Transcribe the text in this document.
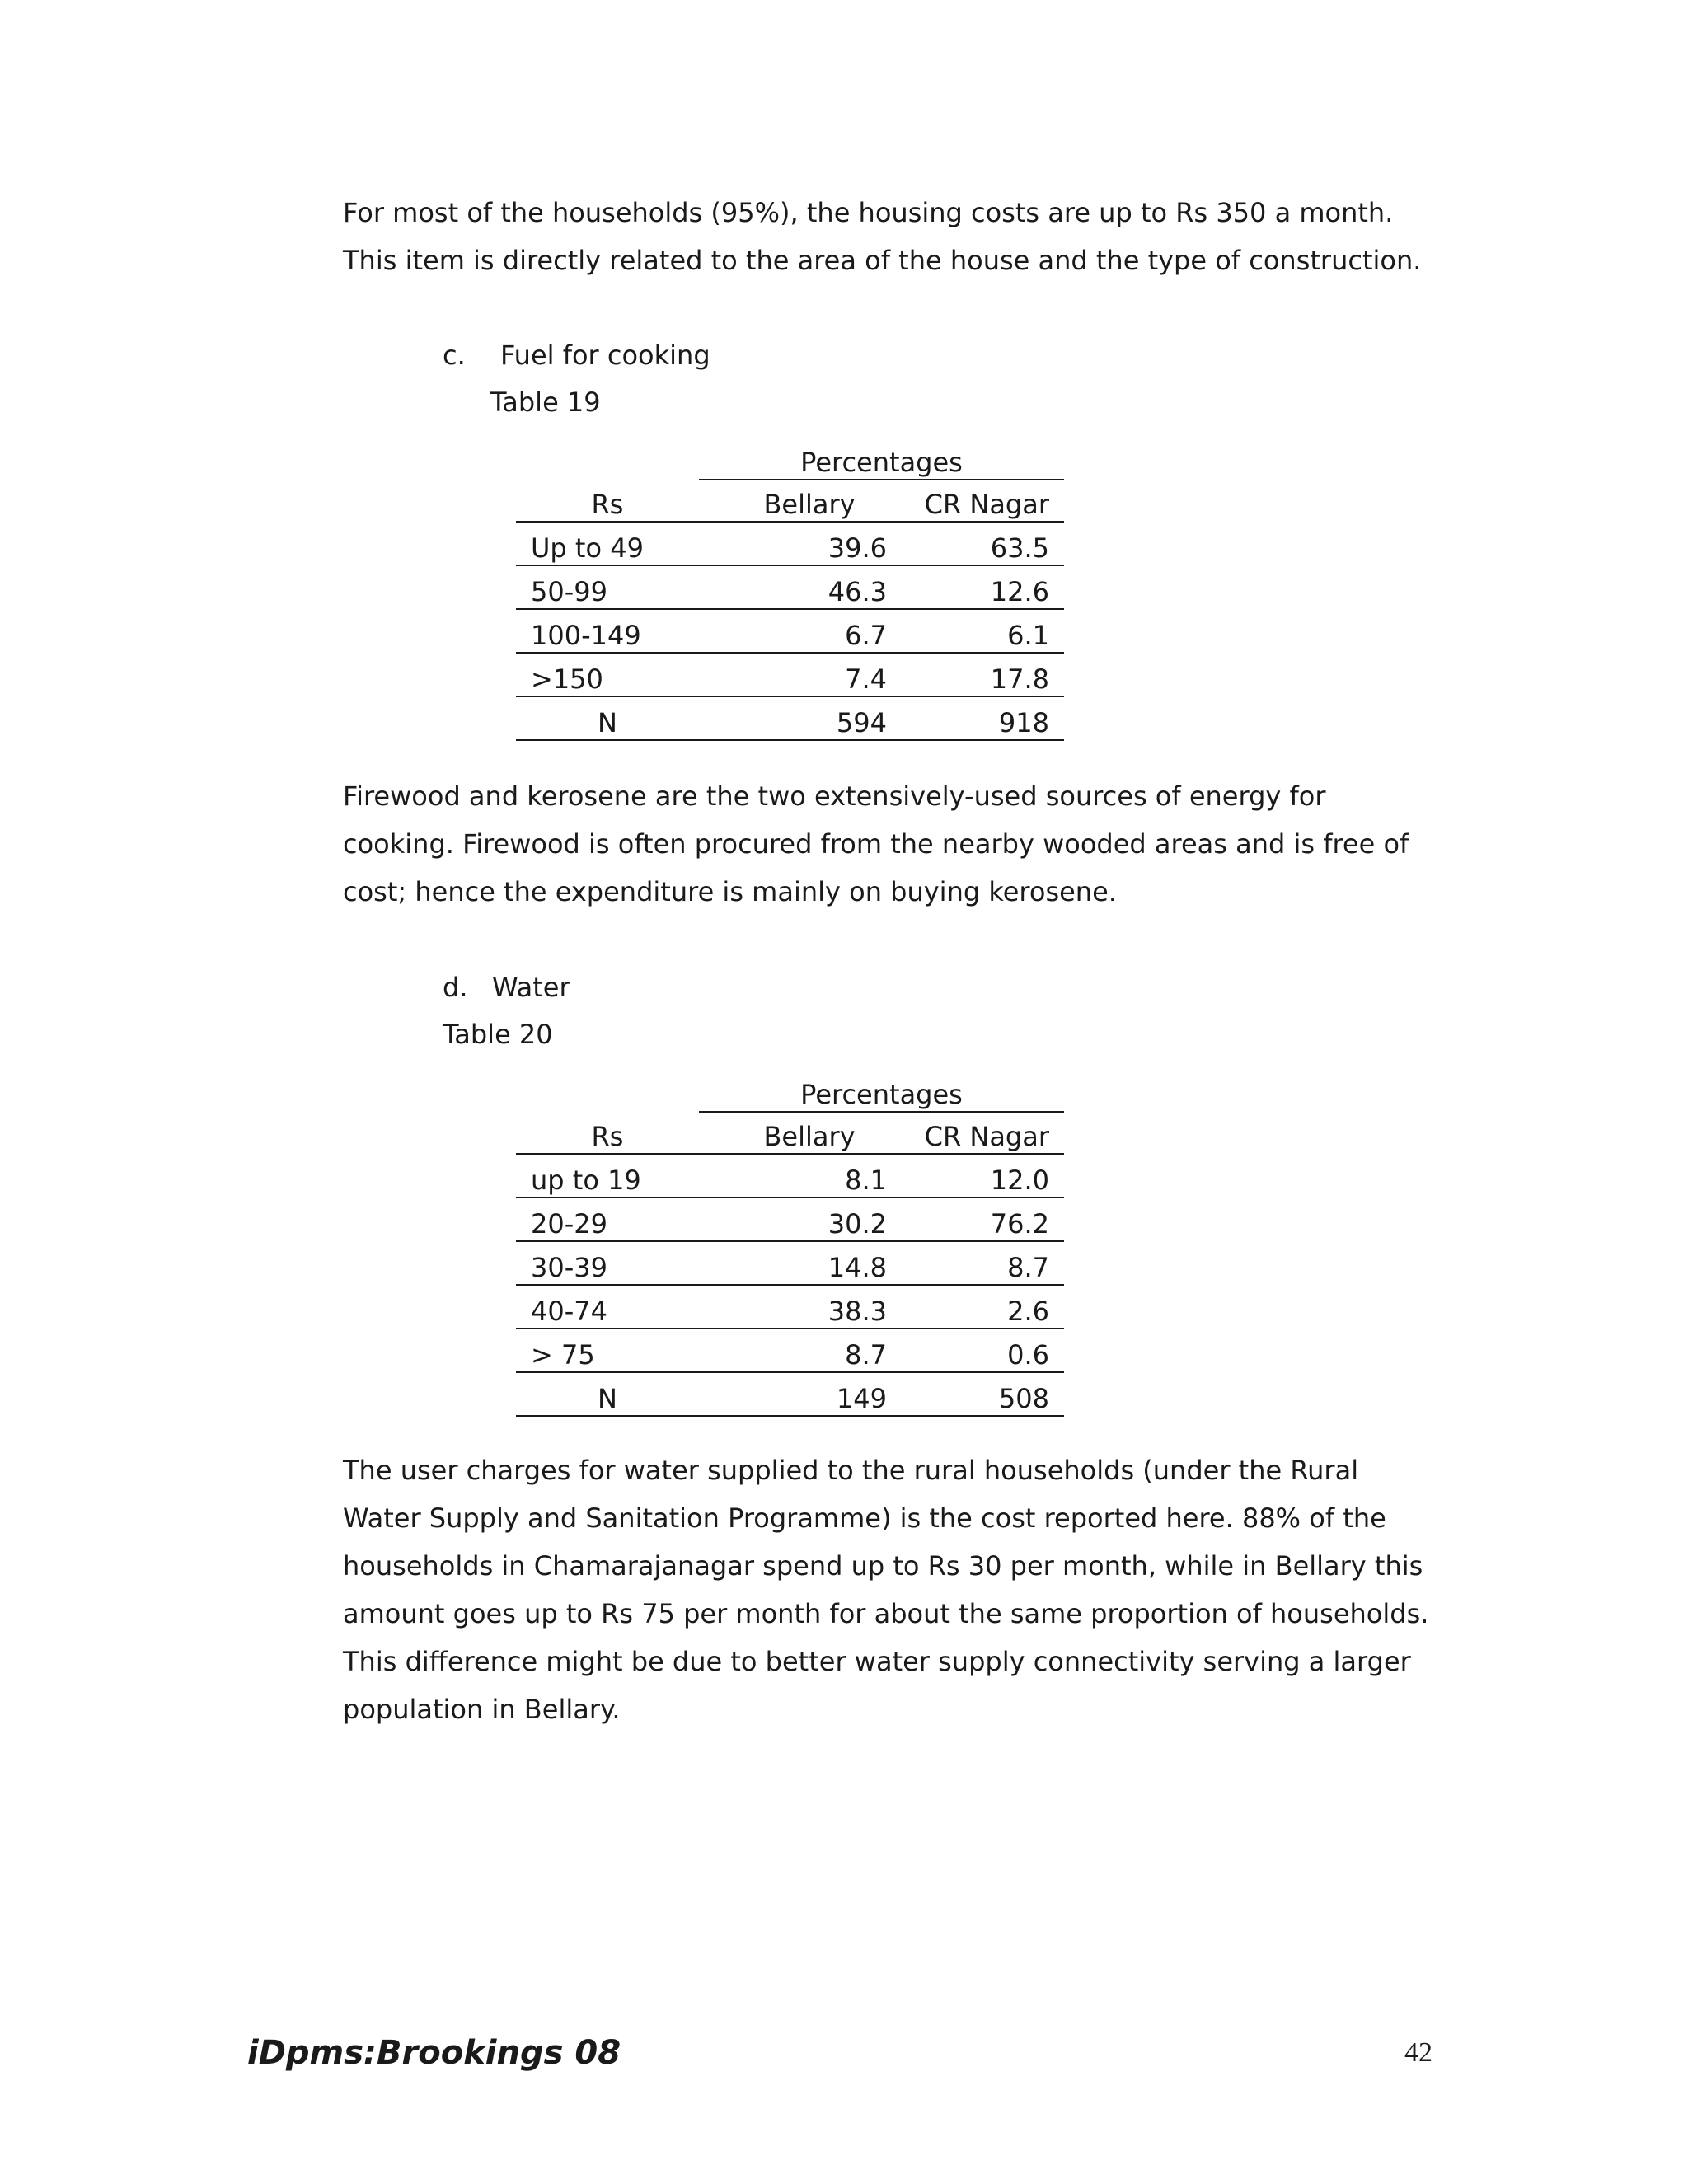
For most of the households (95%), the housing costs are up to Rs 350 a month. This item is directly related to the area of the house and the type of construction.

c. Fuel for cooking
Table 19
	Percentages	
Rs	Bellary	CR Nagar
Up to 49	39.6	63.5
50-99	46.3	12.6
100-149	6.7	6.1
>150	7.4	17.8
N	594	918

Firewood and kerosene are the two extensively-used sources of energy for cooking. Firewood is often procured from the nearby wooded areas and is free of cost; hence the expenditure is mainly on buying kerosene.

d. Water
Table 20
	Percentages	
Rs	Bellary	CR Nagar
up to 19	8.1	12.0
20-29	30.2	76.2
30-39	14.8	8.7
40-74	38.3	2.6
> 75	8.7	0.6
N	149	508

The user charges for water supplied to the rural households (under the Rural Water Supply and Sanitation Programme) is the cost reported here. 88% of the households in Chamarajanagar spend up to Rs 30 per month, while in Bellary this amount goes up to Rs 75 per month for about the same proportion of households. This difference might be due to better water supply connectivity serving a larger population in Bellary.

iDpms:Brookings 08	42
